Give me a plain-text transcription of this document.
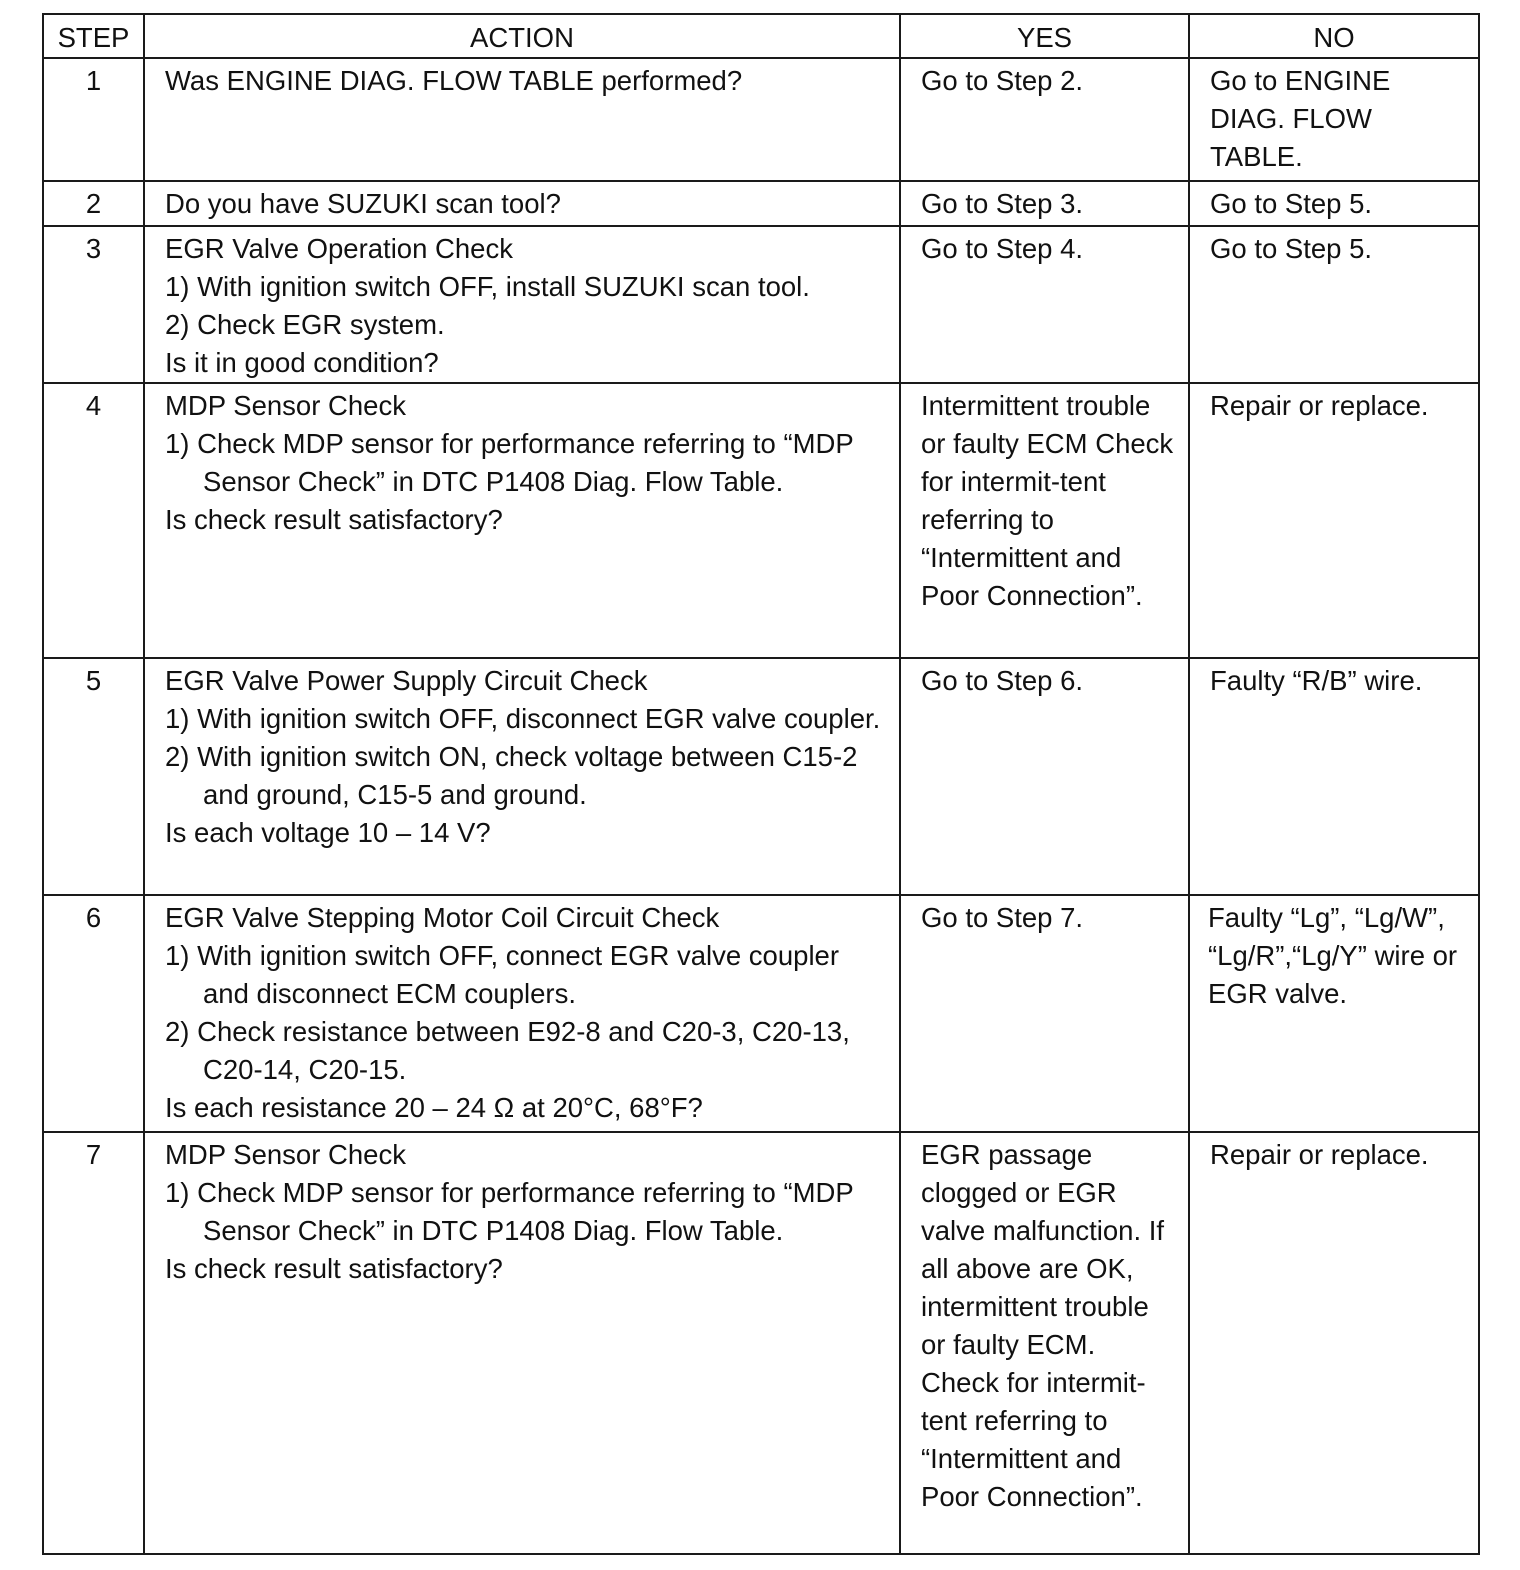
STEP	ACTION	YES	NO
1	Was ENGINE DIAG. FLOW TABLE performed?	Go to Step 2.	Go to ENGINE DIAG. FLOW TABLE.

2	Do you have SUZUKI scan tool?	Go to Step 3.	Go to Step 5.

3	EGR Valve Operation Check
1) With ignition switch OFF, install SUZUKI scan tool.
2) Check EGR system.
Is it in good condition?	Go to Step 4.	Go to Step 5.

4	MDP Sensor Check
1) Check MDP sensor for performance referring to “MDP Sensor Check” in DTC P1408 Diag. Flow Table.
Is check result satisfactory?	Intermittent trouble or faulty ECM Check for intermit-tent referring to “Intermittent and Poor Connection”.	Repair or replace.

5	EGR Valve Power Supply Circuit Check
1) With ignition switch OFF, disconnect EGR valve coupler.
2) With ignition switch ON, check voltage between C15-2 and ground, C15-5 and ground.
Is each voltage 10 – 14 V?	Go to Step 6.	Faulty “R/B” wire.

6	EGR Valve Stepping Motor Coil Circuit Check
1) With ignition switch OFF, connect EGR valve coupler and disconnect ECM couplers.
2) Check resistance between E92-8 and C20-3, C20-13, C20-14, C20-15.
Is each resistance 20 – 24 Ω at 20°C, 68°F?	Go to Step 7.	Faulty “Lg”, “Lg/W”, “Lg/R”,“Lg/Y” wire or EGR valve.

7	MDP Sensor Check
1) Check MDP sensor for performance referring to “MDP Sensor Check” in DTC P1408 Diag. Flow Table.
Is check result satisfactory?	EGR passage clogged or EGR valve malfunction. If all above are OK, intermittent trouble or faulty ECM. Check for intermit-tent referring to “Intermittent and Poor Connection”.	Repair or replace.
